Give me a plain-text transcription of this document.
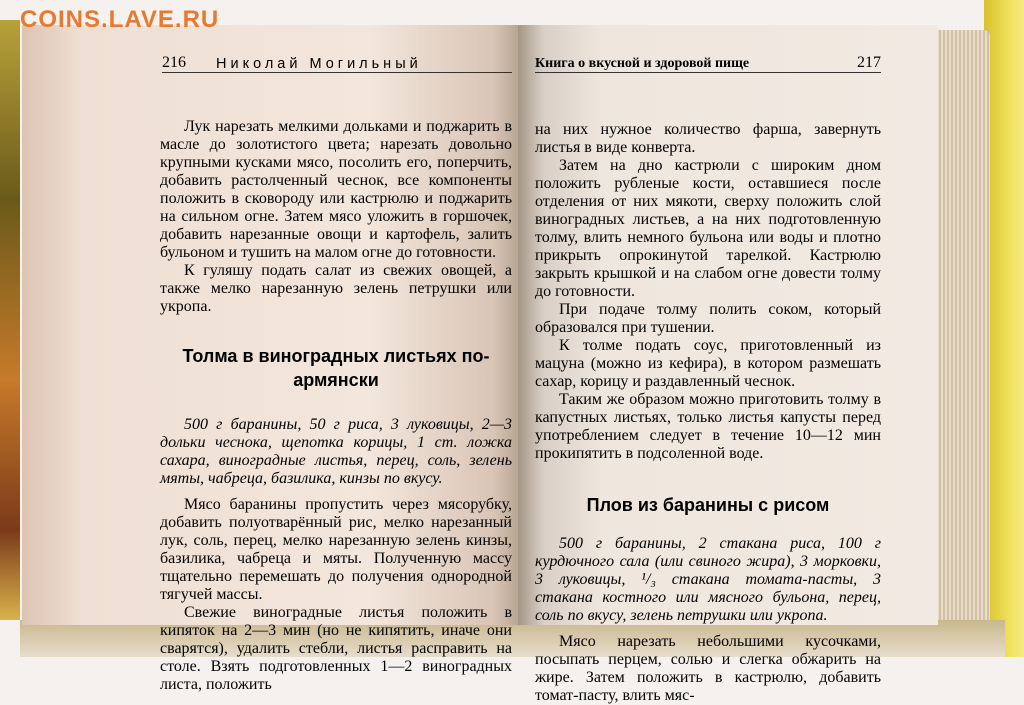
COINS.LAVE.RU
216	Николай Могильный

Лук нарезать мелкими дольками и поджарить в масле до золотистого цвета; нарезать довольно крупными кусками мясо, посолить его, поперчить, добавить растолченный чеснок, все компоненты положить в сковороду или кастрюлю и поджарить на сильном огне. Затем мясо уложить в горшочек, добавить нарезанные овощи и картофель, залить бульоном и тушить на малом огне до готовности.

К гуляшу подать салат из свежих овощей, а также мелко нарезанную зелень петрушки или укропа.

Толма в виноградных листьях по-армянски

500 г баранины, 50 г риса, 3 луковицы, 2—3 дольки чеснока, щепотка корицы, 1 ст. ложка сахара, виноградные листья, перец, соль, зелень мяты, чабреца, базилика, кинзы по вкусу.

Мясо баранины пропустить через мясорубку, добавить полуотварённый рис, мелко нарезанный лук, соль, перец, мелко нарезанную зелень кинзы, базилика, чабреца и мяты. Полученную массу тщательно перемешать до получения однородной тягучей массы.

Свежие виноградные листья положить в кипяток на 2—3 мин (но не кипятить, иначе они сварятся), удалить стебли, листья расправить на столе. Взять подготовленных 1—2 виноградных листа, положить

Книга о вкусной и здоровой пище	217

на них нужное количество фарша, завернуть листья в виде конверта.

Затем на дно кастрюли с широким дном положить рубленые кости, оставшиеся после отделения от них мякоти, сверху положить слой виноградных листьев, а на них подготовленную толму, влить немного бульона или воды и плотно прикрыть опрокинутой тарелкой. Кастрюлю закрыть крышкой и на слабом огне довести толму до готовности.

При подаче толму полить соком, который образовался при тушении.

К толме подать соус, приготовленный из мацуна (можно из кефира), в котором размешать сахар, корицу и раздавленный чеснок.

Таким же образом можно приготовить толму в капустных листьях, только листья капусты перед употреблением следует в течение 10—12 мин прокипятить в подсоленной воде.

Плов из баранины с рисом

500 г баранины, 2 стакана риса, 100 г курдючного сала (или свиного жира), 3 морковки, 3 луковицы, ¹/₃ стакана томата-пасты, 3 стакана костного или мясного бульона, перец, соль по вкусу, зелень петрушки или укропа.

Мясо нарезать небольшими кусочками, посыпать перцем, солью и слегка обжарить на жире. Затем положить в кастрюлю, добавить томат-пасту, влить мяс-
